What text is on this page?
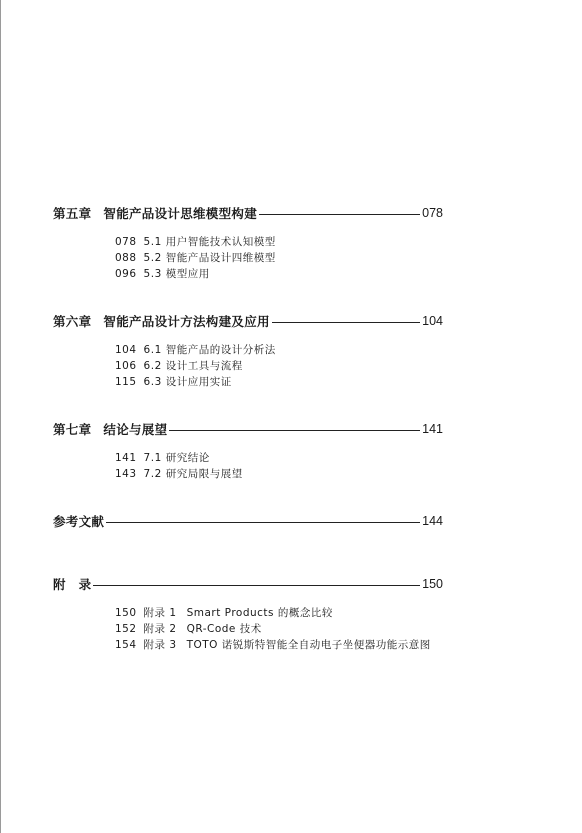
第五章 智能产品设计思维模型构建	078
078 5.1 用户智能技术认知模型
088 5.2 智能产品设计四维模型
096 5.3 模型应用
第六章 智能产品设计方法构建及应用	104
104 6.1 智能产品的设计分析法
106 6.2 设计工具与流程
115 6.3 设计应用实证
第七章 结论与展望	141
141 7.1 研究结论
143 7.2 研究局限与展望
参考文献	144
附　录	150
150 附录 1 Smart Products 的概念比较
152 附录 2 QR-Code 技术
154 附录 3 TOTO 诺锐斯特智能全自动电子坐便器功能示意图
